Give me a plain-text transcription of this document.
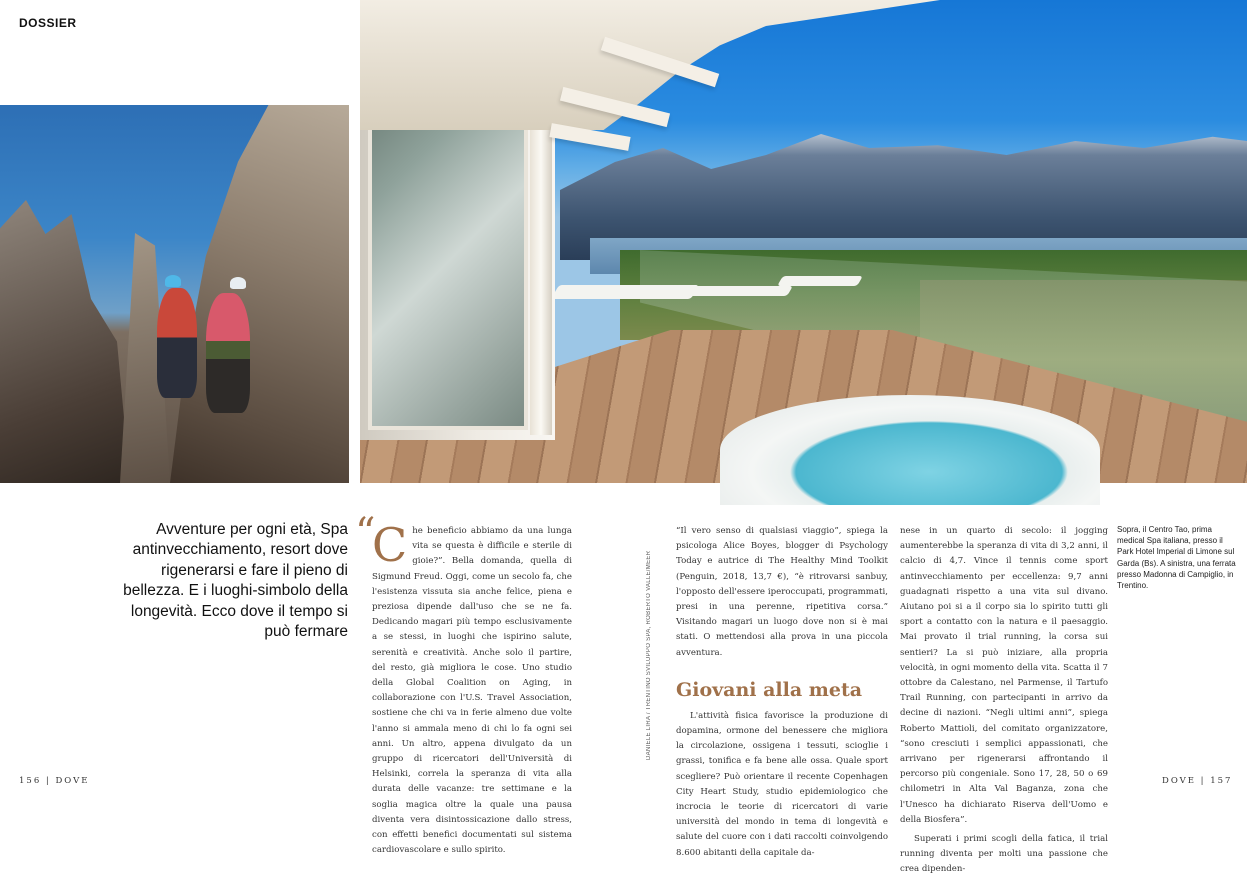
DOSSIER
Avventure per ogni età, Spa antinvecchiamento, resort dove rigenerarsi e fare il pieno di bellezza. E i luoghi-simbolo della longevità. Ecco dove il tempo si può fermare
“

Che beneficio abbiamo da una lunga vita se questa è difficile e sterile di gioie?”. Bella domanda, quella di Sigmund Freud. Oggi, come un secolo fa, che l'esistenza vissuta sia anche felice, piena e preziosa dipende dall'uso che se ne fa. Dedicando magari più tempo esclusivamente a se stessi, in luoghi che ispirino salute, serenità e creatività. Anche solo il partire, del resto, già migliora le cose. Uno studio della Global Coalition on Aging, in collaborazione con l'U.S. Travel Association, sostiene che chi va in ferie almeno due volte l'anno si ammala meno di chi lo fa ogni sei anni. Un altro, appena divulgato da un gruppo di ricercatori dell'Università di Helsinki, correla la speranza di vita alla durata delle vacanze: tre settimane e la soglia magica oltre la quale una pausa diventa vera disintossicazione dallo stress, con effetti benefici documentati sul sistema cardiovascolare e sullo spirito.

DANIELE LIRA / TRENTINO SVILUPPO SPA, ROBERTO VALLE/MEER

“Il vero senso di qualsiasi viaggio”, spiega la psicologa Alice Boyes, blogger di Psychology Today e autrice di The Healthy Mind Toolkit (Penguin, 2018, 13,7 €), “è ritrovarsi sanbuy, l'opposto dell'essere iperoccupati, programmati, presi in una perenne, ripetitiva corsa.” Visitando magari un luogo dove non si è mai stati. O mettendosi alla prova in una piccola avventura.

Giovani alla meta

L'attività fisica favorisce la produzione di dopamina, ormone del benessere che migliora la circolazione, ossigena i tessuti, scioglie i grassi, tonifica e fa bene alle ossa. Quale sport scegliere? Può orientare il recente Copenhagen City Heart Study, studio epidemiologico che incrocia le teorie di ricercatori di varie università del mondo in tema di longevità e salute del cuore con i dati raccolti coinvolgendo 8.600 abitanti della capitale da-

nese in un quarto di secolo: il jogging aumenterebbe la speranza di vita di 3,2 anni, il calcio di 4,7. Vince il tennis come sport antinvecchiamento per eccellenza: 9,7 anni guadagnati rispetto a una vita sul divano. Aiutano poi si a il corpo sia lo spirito tutti gli sport a contatto con la natura e il paesaggio. Mai provato il trial running, la corsa sui sentieri? La si può iniziare, alla propria velocità, in ogni momento della vita. Scatta il 7 ottobre da Calestano, nel Parmense, il Tartufo Trail Running, con partecipanti in arrivo da decine di nazioni. “Negli ultimi anni”, spiega Roberto Mattioli, del comitato organizzatore, “sono cresciuti i semplici appassionati, che arrivano per rigenerarsi affrontando il percorso più congeniale. Sono 17, 28, 50 o 69 chilometri in Alta Val Baganza, zona che l'Unesco ha dichiarato Riserva dell'Uomo e della Biosfera”.

Superati i primi scogli della fatica, il trial running diventa per molti una passione che crea dipenden-

Sopra, il Centro Tao, prima medical Spa italiana, presso il Park Hotel Imperial di Limone sul Garda (Bs). A sinistra, una ferrata presso Madonna di Campiglio, in Trentino.
156 | DOVE	DOVE | 157
